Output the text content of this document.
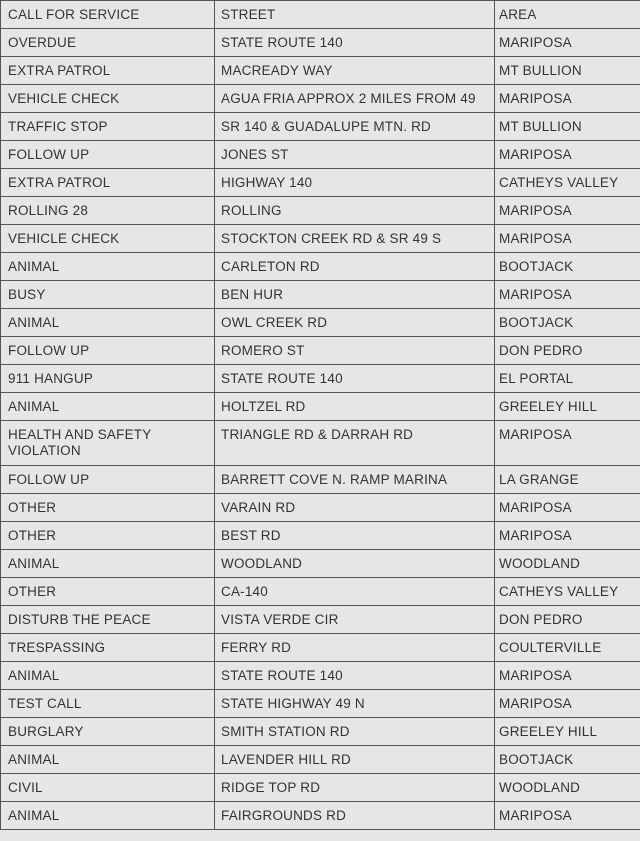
CALL FOR SERVICE	STREET	AREA
OVERDUE	STATE ROUTE 140	MARIPOSA
EXTRA PATROL	MACREADY WAY	MT BULLION
VEHICLE CHECK	AGUA FRIA APPROX 2 MILES FROM 49	MARIPOSA
TRAFFIC STOP	SR 140 & GUADALUPE MTN. RD	MT BULLION
FOLLOW UP	JONES ST	MARIPOSA
EXTRA PATROL	HIGHWAY 140	CATHEYS VALLEY
ROLLING 28	ROLLING	MARIPOSA
VEHICLE CHECK	STOCKTON CREEK RD & SR 49 S	MARIPOSA
ANIMAL	CARLETON RD	BOOTJACK
BUSY	BEN HUR	MARIPOSA
ANIMAL	OWL CREEK RD	BOOTJACK
FOLLOW UP	ROMERO ST	DON PEDRO
911 HANGUP	STATE ROUTE 140	EL PORTAL
ANIMAL	HOLTZEL RD	GREELEY HILL
HEALTH AND SAFETY VIOLATION	TRIANGLE RD & DARRAH RD	MARIPOSA
FOLLOW UP	BARRETT COVE N. RAMP MARINA	LA GRANGE
OTHER	VARAIN RD	MARIPOSA
OTHER	BEST RD	MARIPOSA
ANIMAL	WOODLAND	WOODLAND
OTHER	CA-140	CATHEYS VALLEY
DISTURB THE PEACE	VISTA VERDE CIR	DON PEDRO
TRESPASSING	FERRY RD	COULTERVILLE
ANIMAL	STATE ROUTE 140	MARIPOSA
TEST CALL	STATE HIGHWAY 49 N	MARIPOSA
BURGLARY	SMITH STATION RD	GREELEY HILL
ANIMAL	LAVENDER HILL RD	BOOTJACK
CIVIL	RIDGE TOP RD	WOODLAND
ANIMAL	FAIRGROUNDS RD	MARIPOSA
